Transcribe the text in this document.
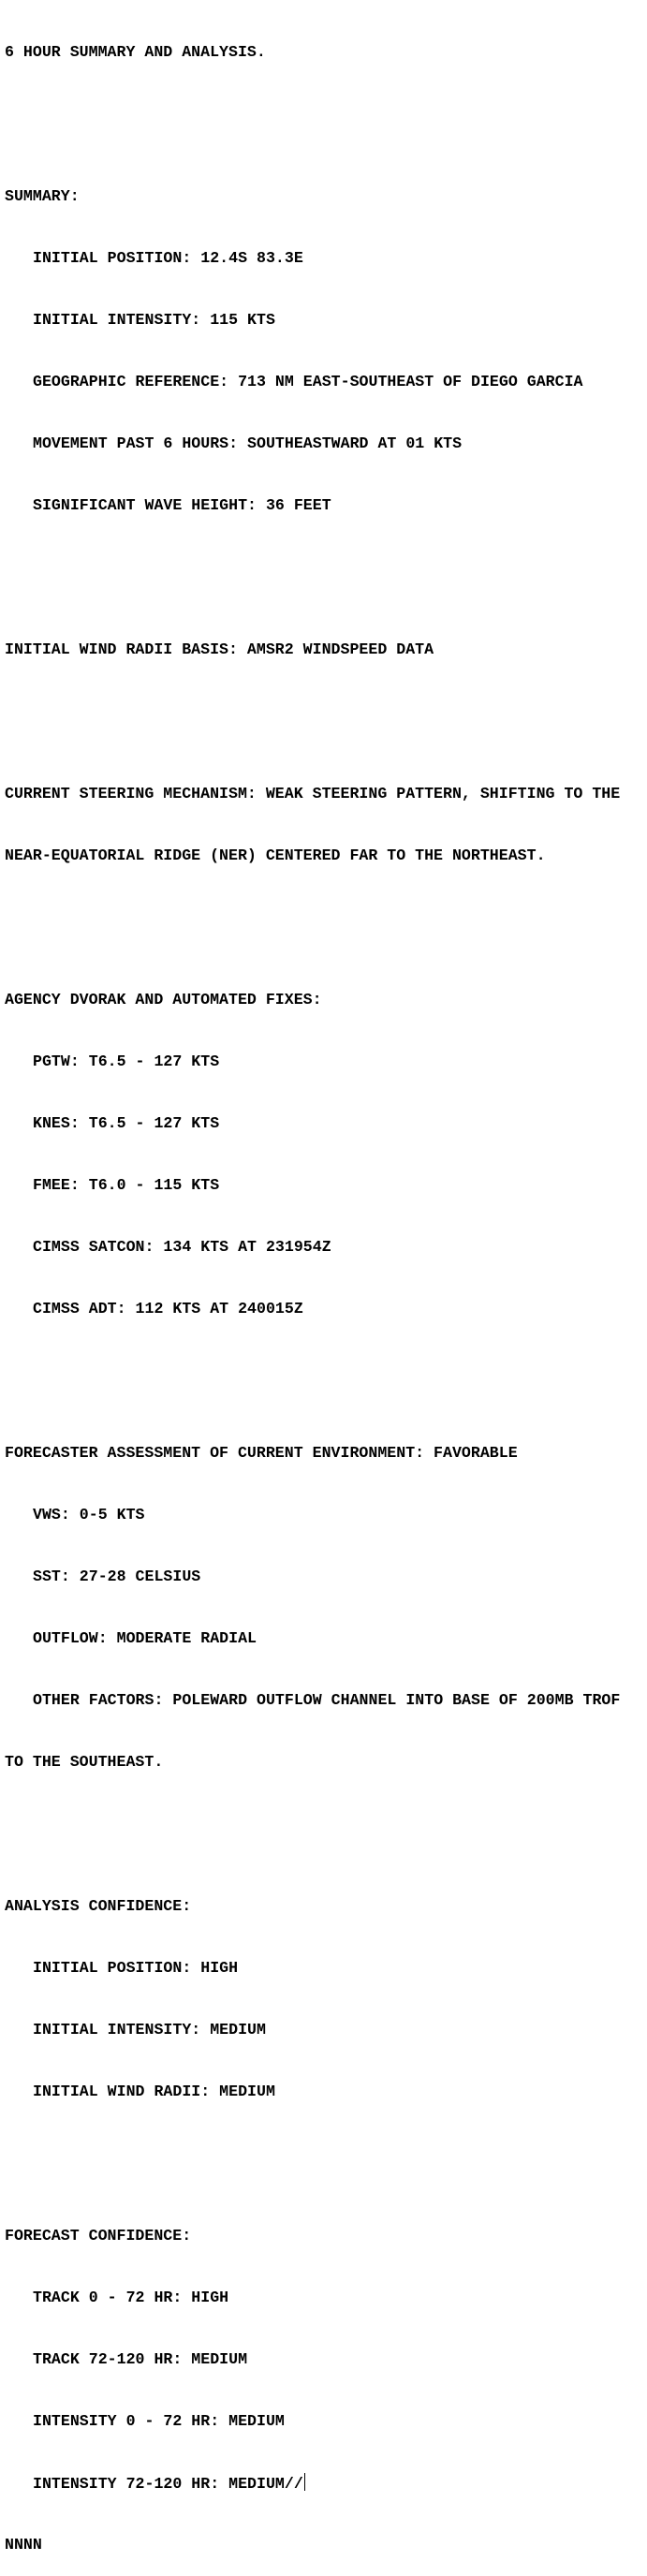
6 HOUR SUMMARY AND ANALYSIS.

SUMMARY:

INITIAL POSITION: 12.4S 83.3E

INITIAL INTENSITY: 115 KTS

GEOGRAPHIC REFERENCE: 713 NM EAST-SOUTHEAST OF DIEGO GARCIA

MOVEMENT PAST 6 HOURS: SOUTHEASTWARD AT 01 KTS

SIGNIFICANT WAVE HEIGHT: 36 FEET

INITIAL WIND RADII BASIS: AMSR2 WINDSPEED DATA

CURRENT STEERING MECHANISM: WEAK STEERING PATTERN, SHIFTING TO THE

NEAR-EQUATORIAL RIDGE (NER) CENTERED FAR TO THE NORTHEAST.

AGENCY DVORAK AND AUTOMATED FIXES:

PGTW: T6.5 - 127 KTS

KNES: T6.5 - 127 KTS

FMEE: T6.0 - 115 KTS

CIMSS SATCON: 134 KTS AT 231954Z

CIMSS ADT: 112 KTS AT 240015Z

FORECASTER ASSESSMENT OF CURRENT ENVIRONMENT: FAVORABLE

VWS: 0-5 KTS

SST: 27-28 CELSIUS

OUTFLOW: MODERATE RADIAL

OTHER FACTORS: POLEWARD OUTFLOW CHANNEL INTO BASE OF 200MB TROF

TO THE SOUTHEAST.

ANALYSIS CONFIDENCE:

INITIAL POSITION: HIGH

INITIAL INTENSITY: MEDIUM

INITIAL WIND RADII: MEDIUM

FORECAST CONFIDENCE:

TRACK 0 - 72 HR: HIGH

TRACK 72-120 HR: MEDIUM

INTENSITY 0 - 72 HR: MEDIUM

INTENSITY 72-120 HR: MEDIUM//

NNNN
